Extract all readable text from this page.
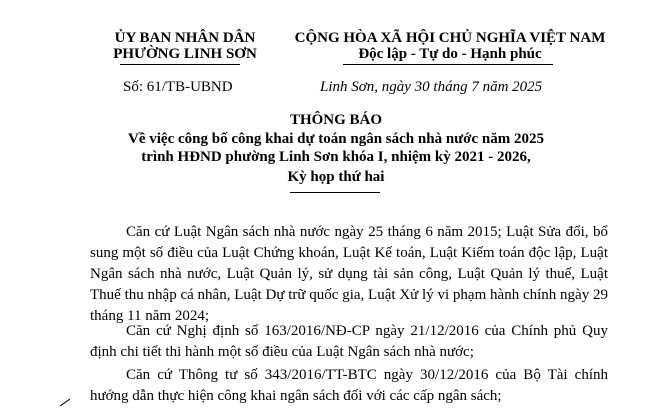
ỦY BAN NHÂN DÂN
PHƯỜNG LINH SƠN
CỘNG HÒA XÃ HỘI CHỦ NGHĨA VIỆT NAM
Độc lập - Tự do - Hạnh phúc
Số: 61/TB-UBND	Linh Sơn, ngày 30 tháng 7 năm 2025
THÔNG BÁO
Về việc công bố công khai dự toán ngân sách nhà nước năm 2025
trình HĐND phường Linh Sơn khóa I, nhiệm kỳ 2021 - 2026,
Kỳ họp thứ hai

Căn cứ Luật Ngân sách nhà nước ngày 25 tháng 6 năm 2015; Luật Sửa đổi, bổ sung một số điều của Luật Chứng khoán, Luật Kế toán, Luật Kiểm toán độc lập, Luật Ngân sách nhà nước, Luật Quản lý, sử dụng tài sản công, Luật Quản lý thuế, Luật Thuế thu nhập cá nhân, Luật Dự trữ quốc gia, Luật Xử lý vi phạm hành chính ngày 29 tháng 11 năm 2024;

Căn cứ Nghị định số 163/2016/NĐ-CP ngày 21/12/2016 của Chính phủ Quy định chi tiết thi hành một số điều của Luật Ngân sách nhà nước;

Căn cứ Thông tư số 343/2016/TT-BTC ngày 30/12/2016 của Bộ Tài chính hướng dẫn thực hiện công khai ngân sách đối với các cấp ngân sách;
